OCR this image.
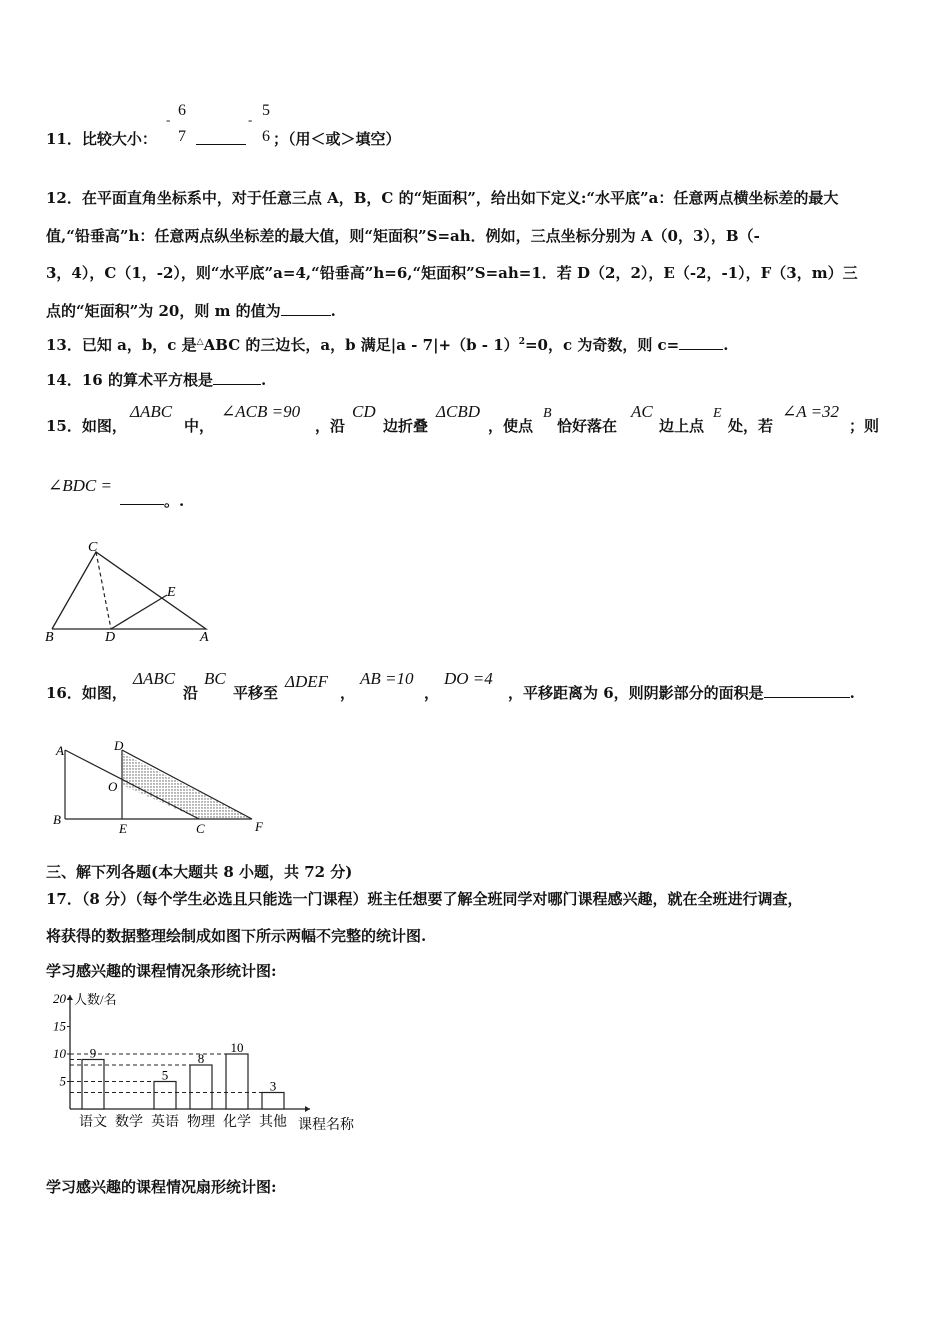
11．比较大小：
-
6
7
-
5
6 ；（用＜或＞填空）
12．在平面直角坐标系中，对于任意三点 A，B，C 的“矩面积”，给出如下定义:“水平底”a：任意两点横坐标差的最大
值,“铅垂高”h：任意两点纵坐标差的最大值，则“矩面积”S=ah．例如，三点坐标分别为 A（0，3），B（-
3，4），C（1，-2），则“水平底”a=4,“铅垂高”h=6,“矩面积”S=ah=1．若 D（2，2），E（-2，-1），F（3，m）三
点的“矩面积”为 20，则 m 的值为	.
13．已知 a，b，c 是△ABC 的三边长，a，b 满足|a - 7|+（b - 1）$^2$=0，c 为奇数，则 c=	.
14．16 的算术平方根是	.
15．如图，
ΔABC
中，
∠ACB =90
，沿
CD
边折叠
ΔCBD
，使点
B
恰好落在
AC
边上点
E
处，若
∠A =32
；则
∠BDC =
。.
C
E
B	D	A
16．如图，
ΔABC
沿
BC
平移至
ΔDEF
，
AB =10
，
DO =4
，平移距离为 6，则阴影部分的面积是	.
A	D
O
B
E	C	F
三、解下列各题(本大题共 8 小题，共 72 分)
17．（8 分）（每个学生必选且只能选一门课程）班主任想要了解全班同学对哪门课程感兴趣，就在全班进行调查，
将获得的数据整理绘制成如图下所示两幅不完整的统计图.
学习感兴趣的课程情况条形统计图:
5
10
15
20 人数/名
9
语文 数学
5
英语
8
物理
10
化学
3
其他 课程名称
学习感兴趣的课程情况扇形统计图:
